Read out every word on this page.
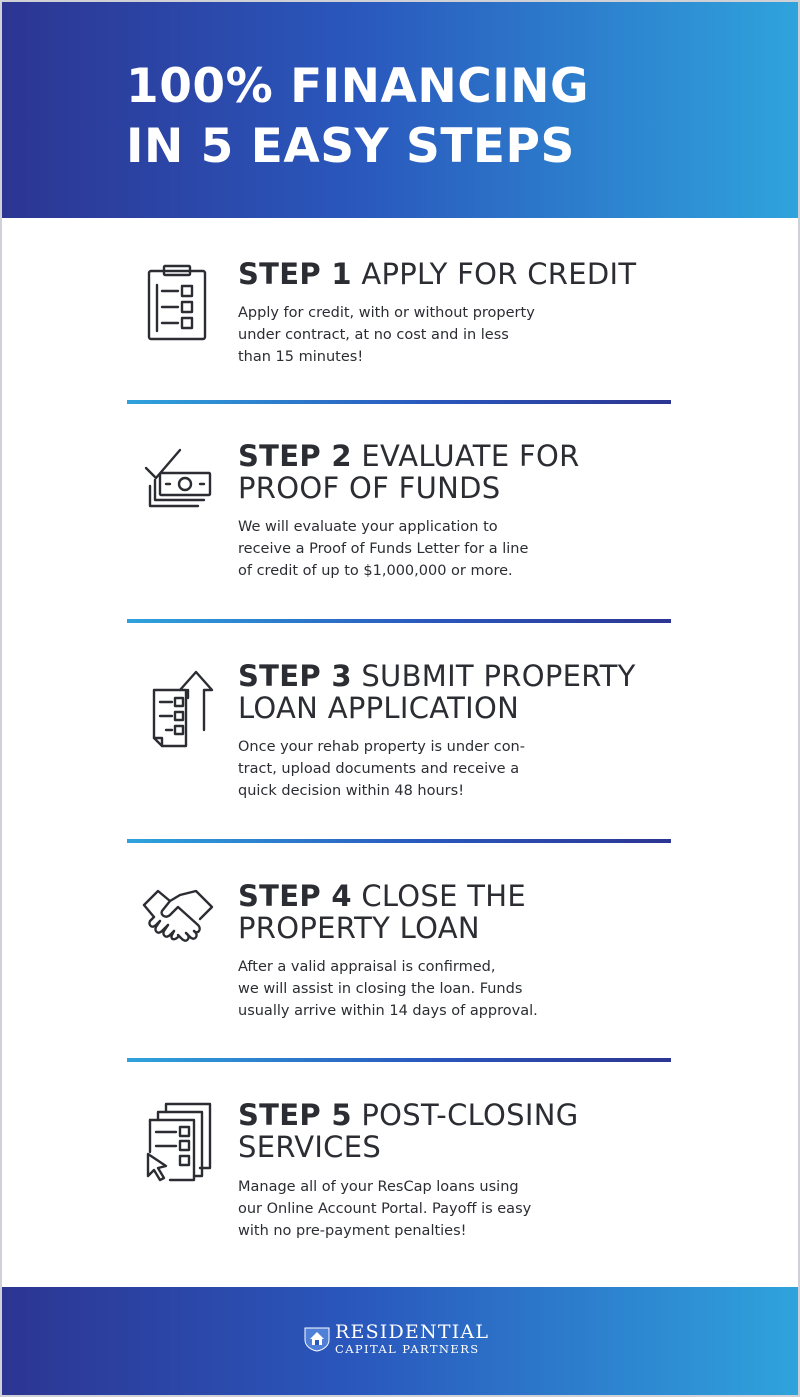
100% FINANCING
IN 5 EASY STEPS
STEP 1 APPLY FOR CREDIT
Apply for credit, with or without property
under contract, at no cost and in less
than 15 minutes!
STEP 2 EVALUATE FOR
PROOF OF FUNDS
We will evaluate your application to
receive a Proof of Funds Letter for a line
of credit of up to $1,000,000 or more.
STEP 3 SUBMIT PROPERTY
LOAN APPLICATION
Once your rehab property is under con-
tract, upload documents and receive a
quick decision within 48 hours!
STEP 4 CLOSE THE
PROPERTY LOAN
After a valid appraisal is confirmed,
we will assist in closing the loan. Funds
usually arrive within 14 days of approval.
STEP 5 POST-CLOSING
SERVICES
Manage all of your ResCap loans using
our Online Account Portal. Payoff is easy
with no pre-payment penalties!
RESIDENTIAL
CAPITAL PARTNERS
